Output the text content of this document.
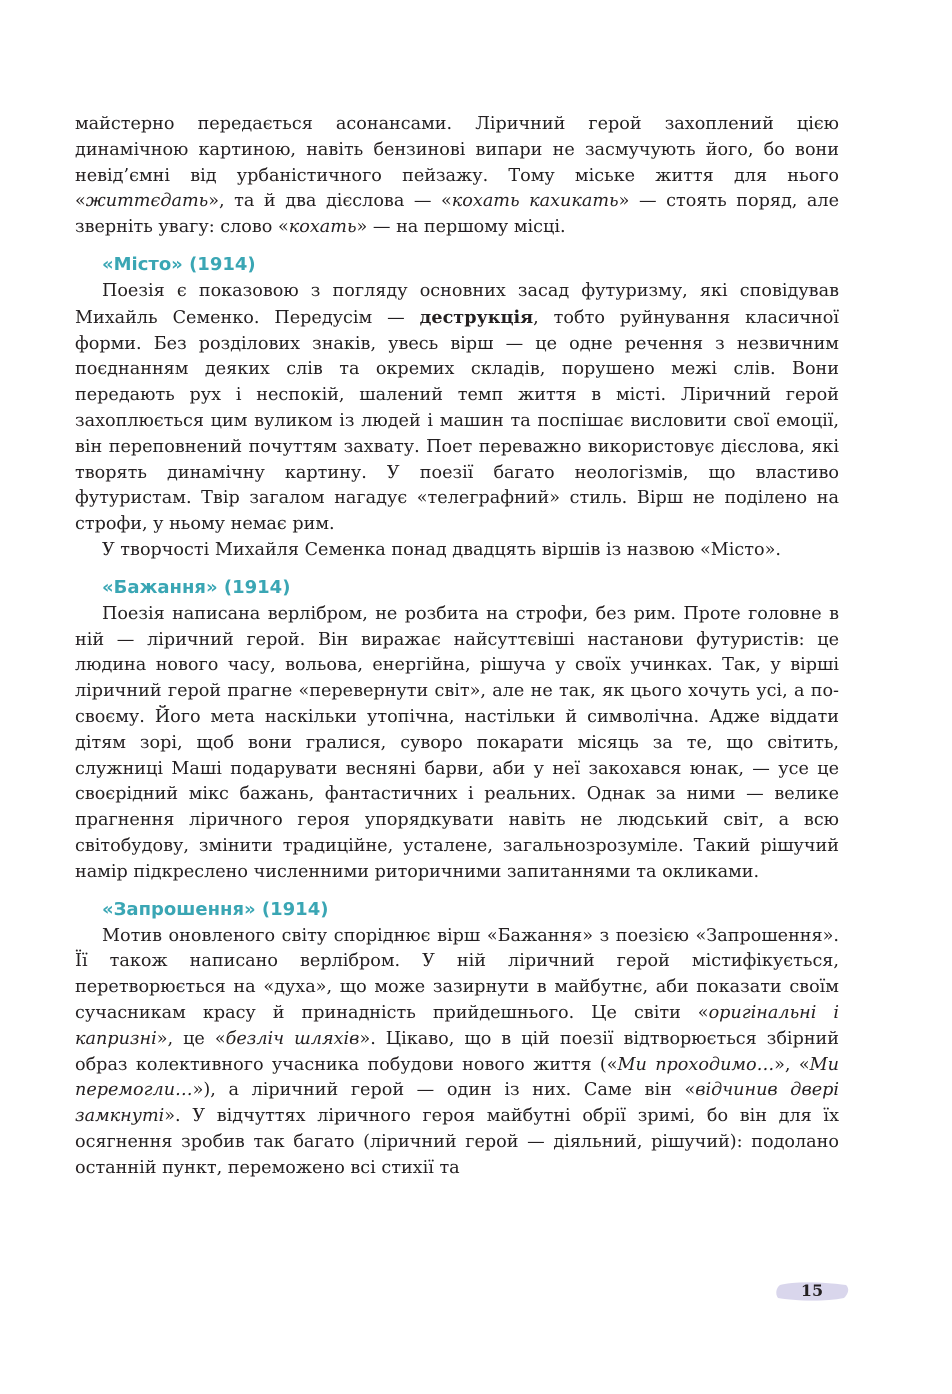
майстерно передається асонансами. Ліричний герой захоплений цією динамічною картиною, навіть бензинові випари не засмучують його, бо вони невід’ємні від урбаністичного пейзажу. Тому міське життя для нього «життєдать», та й два дієслова — «кохать кахикать» — стоять поряд, але зверніть увагу: слово «кохать» — на першому місці.

«Місто» (1914)

Поезія є показовою з погляду основних засад футуризму, які сповідував Михайль Семенко. Передусім — деструкція, тобто руйнування класичної форми. Без розділових знаків, увесь вірш — це одне речення з незвичним поєднанням деяких слів та окремих складів, порушено межі слів. Вони передають рух і неспокій, шалений темп життя в місті. Ліричний герой захоплюється цим вуликом із людей і машин та поспішає висловити свої емоції, він переповнений почуттям захвату. Поет переважно використовує дієслова, які творять динамічну картину. У поезії багато неологізмів, що властиво футуристам. Твір загалом нагадує «телеграфний» стиль. Вірш не поділено на строфи, у ньому немає рим.

У творчості Михайля Семенка понад двадцять віршів із назвою «Місто».

«Бажання» (1914)

Поезія написана верлібром, не розбита на строфи, без рим. Проте головне в ній — ліричний герой. Він виражає найсуттєвіші настанови футуристів: це людина нового часу, вольова, енергійна, рішуча у своїх учинках. Так, у вірші ліричний герой прагне «перевернути світ», але не так, як цього хочуть усі, а по-своєму. Його мета наскільки утопічна, настільки й символічна. Адже віддати дітям зорі, щоб вони гралися, суворо покарати місяць за те, що світить, служниці Маші подарувати весняні барви, аби у неї закохався юнак, — усе це своєрідний мікс бажань, фантастичних і реальних. Однак за ними — велике прагнення ліричного героя упорядкувати навіть не людський світ, а всю світобудову, змінити традиційне, усталене, загальнозрозуміле. Такий рішучий намір підкреслено численними риторичними запитаннями та окликами.

«Запрошення» (1914)

Мотив оновленого світу споріднює вірш «Бажання» з поезією «Запрошення». Її також написано верлібром. У ній ліричний герой містифікується, перетворюється на «духа», що може зазирнути в майбутнє, аби показати своїм сучасникам красу й принадність прийдешнього. Це світи «оригінальні і капризні», це «безліч шляхів». Цікаво, що в цій поезії відтворюється збірний образ колективного учасника побудови нового життя («Ми проходимо…», «Ми перемогли…»), а ліричний герой — один із них. Саме він «відчинив двері замкнуті». У відчуттях ліричного героя майбутні обрії зримі, бо він для їх осягнення зробив так багато (ліричний герой — діяльний, рішучий): подолано останній пункт, переможено всі стихії та

15
